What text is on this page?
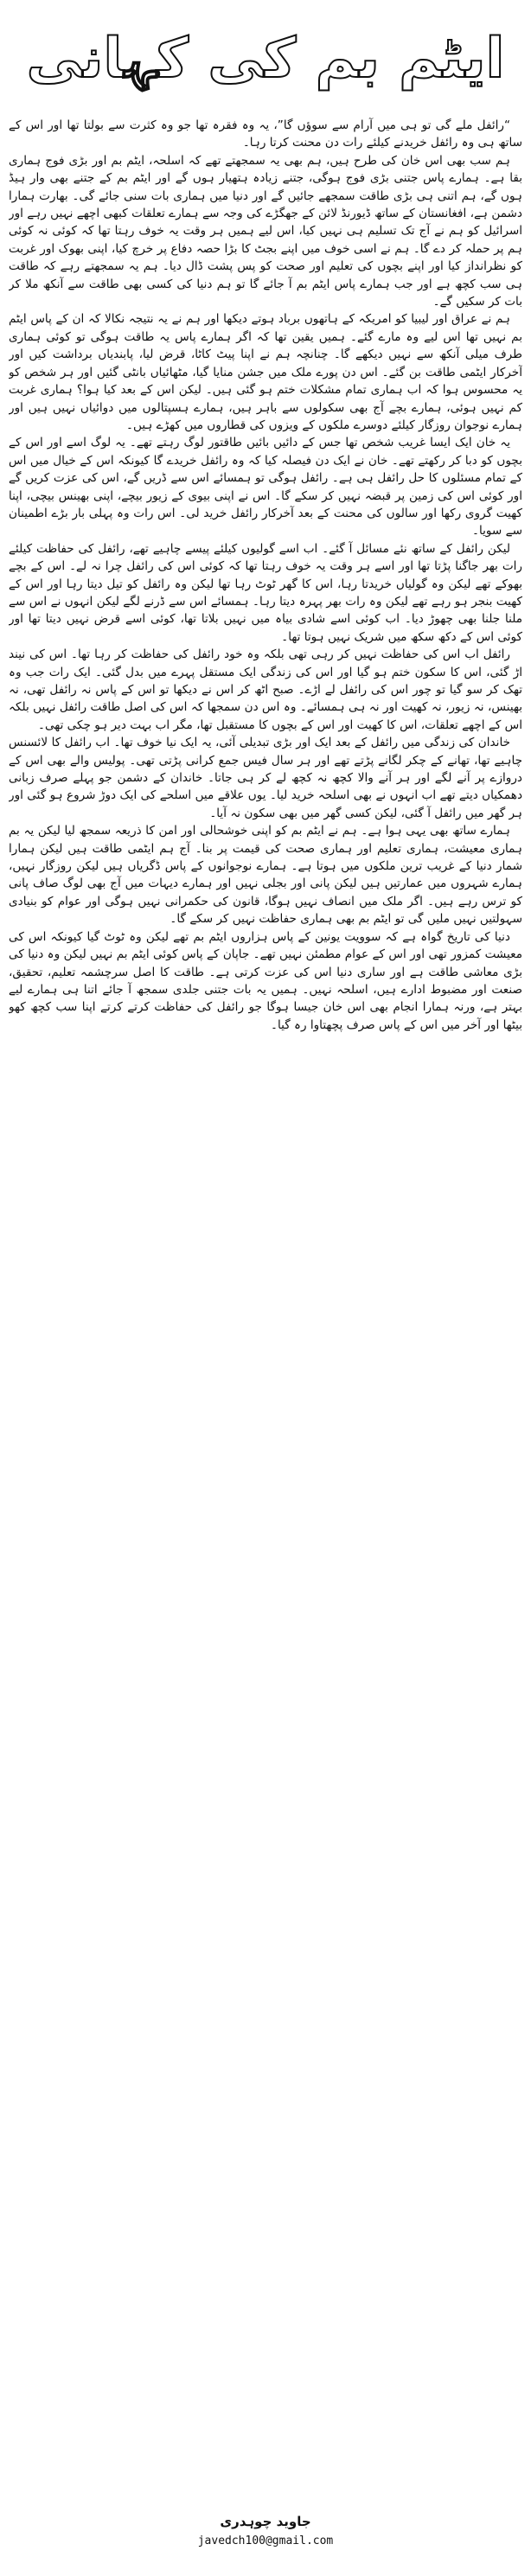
ایٹم بم کی کہانی

“رائفل ملے گی تو ہی میں آرام سے سوؤں گا”، یہ وہ فقرہ تھا جو وہ کثرت سے بولتا تھا اور اس کے ساتھ ہی وہ رائفل خریدنے کیلئے رات دن محنت کرتا رہا۔

ہم سب بھی اس خان کی طرح ہیں، ہم بھی یہ سمجھتے تھے کہ اسلحہ، ایٹم بم اور بڑی فوج ہماری بقا ہے۔ ہمارے پاس جتنی بڑی فوج ہوگی، جتنے زیادہ ہتھیار ہوں گے اور ایٹم بم کے جتنے بھی وار ہیڈ ہوں گے، ہم اتنی ہی بڑی طاقت سمجھے جائیں گے اور دنیا میں ہماری بات سنی جائے گی۔ بھارت ہمارا دشمن ہے، افغانستان کے ساتھ ڈیورنڈ لائن کے جھگڑے کی وجہ سے ہمارے تعلقات کبھی اچھے نہیں رہے اور اسرائیل کو ہم نے آج تک تسلیم ہی نہیں کیا، اس لیے ہمیں ہر وقت یہ خوف رہتا تھا کہ کوئی نہ کوئی ہم پر حملہ کر دے گا۔ ہم نے اسی خوف میں اپنے بجٹ کا بڑا حصہ دفاع پر خرچ کیا، اپنی بھوک اور غربت کو نظرانداز کیا اور اپنے بچوں کی تعلیم اور صحت کو پس پشت ڈال دیا۔ ہم یہ سمجھتے رہے کہ طاقت ہی سب کچھ ہے اور جب ہمارے پاس ایٹم بم آ جائے گا تو ہم دنیا کی کسی بھی طاقت سے آنکھ ملا کر بات کر سکیں گے۔

ہم نے عراق اور لیبیا کو امریکہ کے ہاتھوں برباد ہوتے دیکھا اور ہم نے یہ نتیجہ نکالا کہ ان کے پاس ایٹم بم نہیں تھا اس لیے وہ مارے گئے۔ ہمیں یقین تھا کہ اگر ہمارے پاس یہ طاقت ہوگی تو کوئی ہماری طرف میلی آنکھ سے نہیں دیکھے گا۔ چنانچہ ہم نے اپنا پیٹ کاٹا، قرض لیا، پابندیاں برداشت کیں اور آخرکار ایٹمی طاقت بن گئے۔ اس دن پورے ملک میں جشن منایا گیا، مٹھائیاں بانٹی گئیں اور ہر شخص کو یہ محسوس ہوا کہ اب ہماری تمام مشکلات ختم ہو گئی ہیں۔ لیکن اس کے بعد کیا ہوا؟ ہماری غربت کم نہیں ہوئی، ہمارے بچے آج بھی سکولوں سے باہر ہیں، ہمارے ہسپتالوں میں دوائیاں نہیں ہیں اور ہمارے نوجوان روزگار کیلئے دوسرے ملکوں کے ویزوں کی قطاروں میں کھڑے ہیں۔

یہ خان ایک ایسا غریب شخص تھا جس کے دائیں بائیں طاقتور لوگ رہتے تھے۔ یہ لوگ اسے اور اس کے بچوں کو دبا کر رکھتے تھے۔ خان نے ایک دن فیصلہ کیا کہ وہ رائفل خریدے گا کیونکہ اس کے خیال میں اس کے تمام مسئلوں کا حل رائفل ہی ہے۔ رائفل ہوگی تو ہمسائے اس سے ڈریں گے، اس کی عزت کریں گے اور کوئی اس کی زمین پر قبضہ نہیں کر سکے گا۔ اس نے اپنی بیوی کے زیور بیچے، اپنی بھینس بیچی، اپنا کھیت گروی رکھا اور سالوں کی محنت کے بعد آخرکار رائفل خرید لی۔ اس رات وہ پہلی بار بڑے اطمینان سے سویا۔

لیکن رائفل کے ساتھ نئے مسائل آ گئے۔ اب اسے گولیوں کیلئے پیسے چاہیے تھے، رائفل کی حفاظت کیلئے رات بھر جاگنا پڑتا تھا اور اسے ہر وقت یہ خوف رہتا تھا کہ کوئی اس کی رائفل چرا نہ لے۔ اس کے بچے بھوکے تھے لیکن وہ گولیاں خریدتا رہا، اس کا گھر ٹوٹ رہا تھا لیکن وہ رائفل کو تیل دیتا رہا اور اس کے کھیت بنجر ہو رہے تھے لیکن وہ رات بھر پہرہ دیتا رہا۔ ہمسائے اس سے ڈرنے لگے لیکن انہوں نے اس سے ملنا جلنا بھی چھوڑ دیا۔ اب کوئی اسے شادی بیاہ میں نہیں بلاتا تھا، کوئی اسے قرض نہیں دیتا تھا اور کوئی اس کے دکھ سکھ میں شریک نہیں ہوتا تھا۔

رائفل اب اس کی حفاظت نہیں کر رہی تھی بلکہ وہ خود رائفل کی حفاظت کر رہا تھا۔ اس کی نیند اڑ گئی، اس کا سکون ختم ہو گیا اور اس کی زندگی ایک مستقل پہرے میں بدل گئی۔ ایک رات جب وہ تھک کر سو گیا تو چور اس کی رائفل لے اڑے۔ صبح اٹھ کر اس نے دیکھا تو اس کے پاس نہ رائفل تھی، نہ بھینس، نہ زیور، نہ کھیت اور نہ ہی ہمسائے۔ وہ اس دن سمجھا کہ اس کی اصل طاقت رائفل نہیں بلکہ اس کے اچھے تعلقات، اس کا کھیت اور اس کے بچوں کا مستقبل تھا، مگر اب بہت دیر ہو چکی تھی۔

خاندان کی زندگی میں رائفل کے بعد ایک اور بڑی تبدیلی آئی، یہ ایک نیا خوف تھا۔ اب رائفل کا لائسنس چاہیے تھا، تھانے کے چکر لگانے پڑتے تھے اور ہر سال فیس جمع کرانی پڑتی تھی۔ پولیس والے بھی اس کے دروازے پر آنے لگے اور ہر آنے والا کچھ نہ کچھ لے کر ہی جاتا۔ خاندان کے دشمن جو پہلے صرف زبانی دھمکیاں دیتے تھے اب انہوں نے بھی اسلحہ خرید لیا۔ یوں علاقے میں اسلحے کی ایک دوڑ شروع ہو گئی اور ہر گھر میں رائفل آ گئی، لیکن کسی گھر میں بھی سکون نہ آیا۔

ہمارے ساتھ بھی یہی ہوا ہے۔ ہم نے ایٹم بم کو اپنی خوشحالی اور امن کا ذریعہ سمجھ لیا لیکن یہ بم ہماری معیشت، ہماری تعلیم اور ہماری صحت کی قیمت پر بنا۔ آج ہم ایٹمی طاقت ہیں لیکن ہمارا شمار دنیا کے غریب ترین ملکوں میں ہوتا ہے۔ ہمارے نوجوانوں کے پاس ڈگریاں ہیں لیکن روزگار نہیں، ہمارے شہروں میں عمارتیں ہیں لیکن پانی اور بجلی نہیں اور ہمارے دیہات میں آج بھی لوگ صاف پانی کو ترس رہے ہیں۔ اگر ملک میں انصاف نہیں ہوگا، قانون کی حکمرانی نہیں ہوگی اور عوام کو بنیادی سہولتیں نہیں ملیں گی تو ایٹم بم بھی ہماری حفاظت نہیں کر سکے گا۔

دنیا کی تاریخ گواہ ہے کہ سوویت یونین کے پاس ہزاروں ایٹم بم تھے لیکن وہ ٹوٹ گیا کیونکہ اس کی معیشت کمزور تھی اور اس کے عوام مطمئن نہیں تھے۔ جاپان کے پاس کوئی ایٹم بم نہیں لیکن وہ دنیا کی بڑی معاشی طاقت ہے اور ساری دنیا اس کی عزت کرتی ہے۔ طاقت کا اصل سرچشمہ تعلیم، تحقیق، صنعت اور مضبوط ادارے ہیں، اسلحہ نہیں۔ ہمیں یہ بات جتنی جلدی سمجھ آ جائے اتنا ہی ہمارے لیے بہتر ہے، ورنہ ہمارا انجام بھی اس خان جیسا ہوگا جو رائفل کی حفاظت کرتے کرتے اپنا سب کچھ کھو بیٹھا اور آخر میں اس کے پاس صرف پچھتاوا رہ گیا۔

جاوید چوہدری

javedch100@gmail.com
